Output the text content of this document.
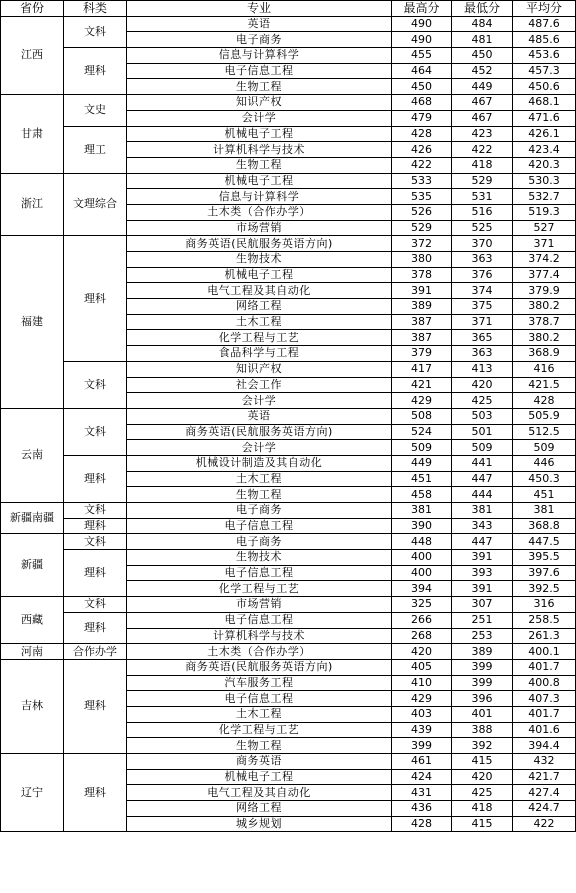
省份	科类	专业	最高分	最低分	平均分
江西	文科	英语	490	484	487.6
		电子商务	490	481	485.6
	理科	信息与计算科学	455	450	453.6
		电子信息工程	464	452	457.3
		生物工程	450	449	450.6
甘肃	文史	知识产权	468	467	468.1
		会计学	479	467	471.6
	理工	机械电子工程	428	423	426.1
		计算机科学与技术	426	422	423.4
		生物工程	422	418	420.3
浙江	文理综合	机械电子工程	533	529	530.3
		信息与计算科学	535	531	532.7
		土木类（合作办学）	526	516	519.3
		市场营销	529	525	527
福建	理科	商务英语(民航服务英语方向)	372	370	371
		生物技术	380	363	374.2
		机械电子工程	378	376	377.4
		电气工程及其自动化	391	374	379.9
		网络工程	389	375	380.2
		土木工程	387	371	378.7
		化学工程与工艺	387	365	380.2
		食品科学与工程	379	363	368.9
	文科	知识产权	417	413	416
		社会工作	421	420	421.5
		会计学	429	425	428
云南	文科	英语	508	503	505.9
		商务英语(民航服务英语方向)	524	501	512.5
		会计学	509	509	509
	理科	机械设计制造及其自动化	449	441	446
		土木工程	451	447	450.3
		生物工程	458	444	451
新疆南疆	文科	电子商务	381	381	381
	理科	电子信息工程	390	343	368.8
新疆	文科	电子商务	448	447	447.5
	理科	生物技术	400	391	395.5
		电子信息工程	400	393	397.6
		化学工程与工艺	394	391	392.5
西藏	文科	市场营销	325	307	316
	理科	电子信息工程	266	251	258.5
		计算机科学与技术	268	253	261.3
河南	合作办学	土木类（合作办学）	420	389	400.1
吉林	理科	商务英语(民航服务英语方向)	405	399	401.7
		汽车服务工程	410	399	400.8
		电子信息工程	429	396	407.3
		土木工程	403	401	401.7
		化学工程与工艺	439	388	401.6
		生物工程	399	392	394.4
辽宁	理科	商务英语	461	415	432
		机械电子工程	424	420	421.7
		电气工程及其自动化	431	425	427.4
		网络工程	436	418	424.7
		城乡规划	428	415	422
